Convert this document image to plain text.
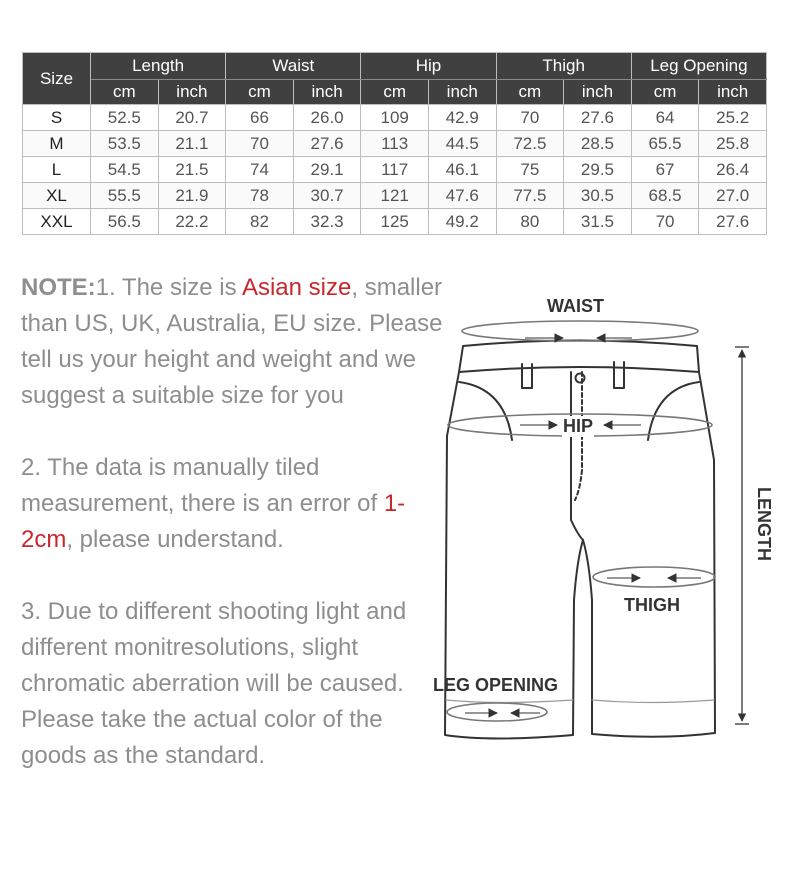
Size	Length		Waist		Hip		Thigh		Leg Opening	
	cm	inch	cm	inch	cm	inch	cm	inch	cm	inch
S	52.5	20.7	66	26.0	109	42.9	70	27.6	64	25.2
M	53.5	21.1	70	27.6	113	44.5	72.5	28.5	65.5	25.8
L	54.5	21.5	74	29.1	117	46.1	75	29.5	67	26.4
XL	55.5	21.9	78	30.7	121	47.6	77.5	30.5	68.5	27.0
XXL	56.5	22.2	82	32.3	125	49.2	80	31.5	70	27.6

NOTE:1. The size is Asian size, smaller than US, UK, Australia, EU size. Please tell us your height and weight and we suggest a suitable size for you

2. The data is manually tiled measurement, there is an error of 1-2cm, please understand.

3. Due to different shooting light and different monitresolutions, slight chromatic aberration will be caused. Please take the actual color of the goods as the standard.

WAIST
HIP
LENGTH
THIGH
LEG OPENING
